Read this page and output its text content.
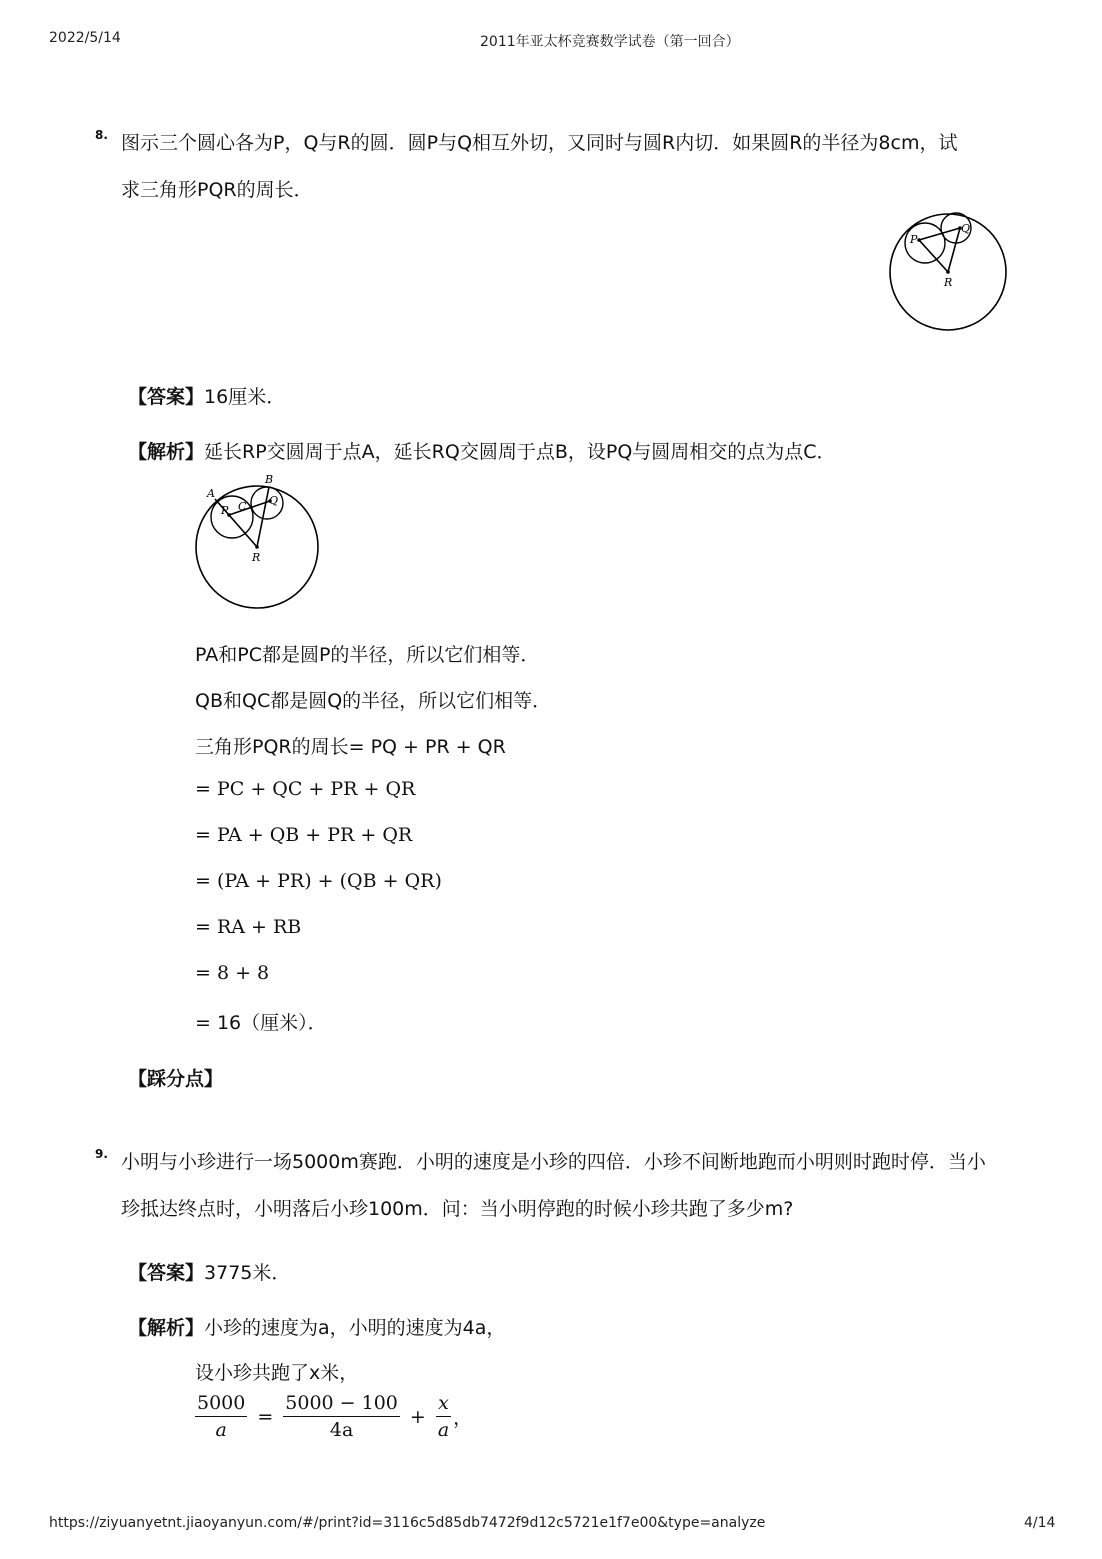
2022/5/14	2011年亚太杯竞赛数学试卷（第一回合）
8. 图示三个圆心各为P，Q与R的圆．圆P与Q相互外切，又同时与圆R内切．如果圆R的半径为8cm，试
求三角形PQR的周长．
P
Q
R
【答案】16厘米．
【解析】延长RP交圆周于点A，延长RQ交圆周于点B，设PQ与圆周相交的点为点C．
A
B
C
P
Q
R
PA和PC都是圆P的半径，所以它们相等．
QB和QC都是圆Q的半径，所以它们相等．
三角形PQR的周长= PQ + PR + QR
= PC + QC + PR + QR
= PA + QB + PR + QR
= (PA + PR) + (QB + QR)
= RA + RB
= 8 + 8
= 16（厘米）．
【踩分点】
9. 小明与小珍进行一场5000m赛跑．小明的速度是小珍的四倍．小珍不间断地跑而小明则时跑时停．当小
珍抵达终点时，小明落后小珍100m．问：当小明停跑的时候小珍共跑了多少m?
【答案】3775米．
【解析】小珍的速度为a，小明的速度为4a，
设小珍共跑了x米，
$\frac{5000}{a} = \frac{5000 - 100}{4a} + \frac{x}{a}$ ，
https://ziyuanyetnt.jiaoyanyun.com/#/print?id=3116c5d85db7472f9d12c5721e1f7e00&type=analyze	4/14
